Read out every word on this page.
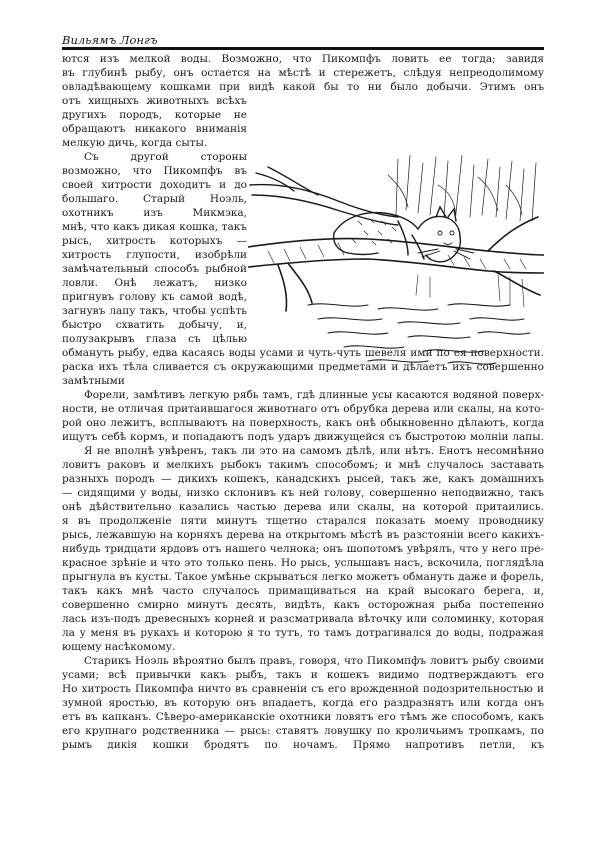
Вильямъ Лонгъ
ются изъ мелкой воды. Возможно, что Пикомпфъ ловить ее тогда; завидя
въ глубинѣ рыбу, онъ остается на мѣстѣ и стережетъ, слѣдуя непреодолимому
овладѣвающему кошками при видѣ какой бы то ни было добычи. Этимъ онъ
отъ хищныхъ животныхъ всѣхъ
другихъ породъ, которые не
обращаютъ никакого вниманія
мелкую дичь, когда сыты.
Съ другой стороны
возможно, что Пикомпфъ въ
своей хитрости доходитъ и до
большаго. Старый Ноэль,
охотникъ изъ Микмэка,
мнѣ, что какъ дикая кошка, такъ
рысь, хитрость которыхъ —
хитрость глупости, изобрѣли
замѣчательный способъ рыбной
ловли. Онѣ лежатъ, низко
пригнувъ голову къ самой водѣ,
загнувъ лапу такъ, чтобы успѣть
быстро схватить добычу, и,
полузакрывъ глаза съ цѣлью
обмануть рыбу, едва касаясь воды усами и чуть-чуть шевеля ими по ея поверхности.
раска ихъ тѣла сливается съ окружающими предметами и дѣлаетъ ихъ совершенно
замѣтными
Форели, замѣтивъ легкую рябь тамъ, гдѣ длинные усы касаются водяной поверх-
ности, не отличая притаившагося животнаго отъ обрубка дерева или скалы, на кото-
рой оно лежитъ, всплываютъ на поверхность, какъ онѣ обыкновенно дѣлаютъ, когда
ищутъ себѣ кормъ, и попадаютъ подъ ударъ движущейся съ быстротою молніи лапы.
Я не вполнѣ увѣренъ, такъ ли это на самомъ дѣлѣ, или нѣтъ. Енотъ несомнѣнно
ловитъ раковъ и мелкихъ рыбокъ такимъ способомъ; и мнѣ случалось заставать
разныхъ породъ — дикихъ кошекъ, канадскихъ рысей, такъ же, какъ домашнихъ
— сидящими у воды, низко склонивъ къ ней голову, совершенно неподвижно, такъ
онѣ дѣйствительно казались частью дерева или скалы, на которой притаились.
я въ продолженіе пяти минутъ тщетно старался показать моему проводнику
рысь, лежавшую на корняхъ дерева на открытомъ мѣстѣ въ разстояніи всего какихъ-
нибудь тридцати ярдовъ отъ нашего челнока; онъ шопотомъ увѣрялъ, что у него пре-
красное зрѣніе и что это только пень. Но рысь, услышавъ насъ, вскочила, поглядѣла
прыгнула въ кусты. Такое умѣнье скрываться легко можетъ обмануть даже и форель,
такъ какъ мнѣ часто случалось примащиваться на край высокаго берега, и,
совершенно смирно минутъ десять, видѣть, какъ осторожная рыба постепенно
лась изъ-подъ древесныхъ корней и разсматривала вѣточку или соломинку, которая
ла у меня въ рукахъ и которою я то тутъ, то тамъ дотрагивался до воды, подражая
ющему насѣкомому.
Старикъ Ноэль вѣроятно былъ правъ, говоря, что Пикомпфъ ловитъ рыбу своими
усами; всѣ привычки какъ рыбъ, такъ и кошекъ видимо подтверждаютъ его
Но хитрость Пикомпфа ничто въ сравненіи съ его врожденной подозрительностью и
зумной яростью, въ которую онъ впадаетъ, когда его раздразнятъ или когда онъ
етъ въ капканъ. Сѣверо-американскіе охотники ловятъ его тѣмъ же способомъ, какъ
его крупнаго родственника — рысь: ставятъ ловушку по кроличьимъ тропкамъ, по
рымъ дикія кошки бродятъ по ночамъ. Прямо напротивъ петли, къ
